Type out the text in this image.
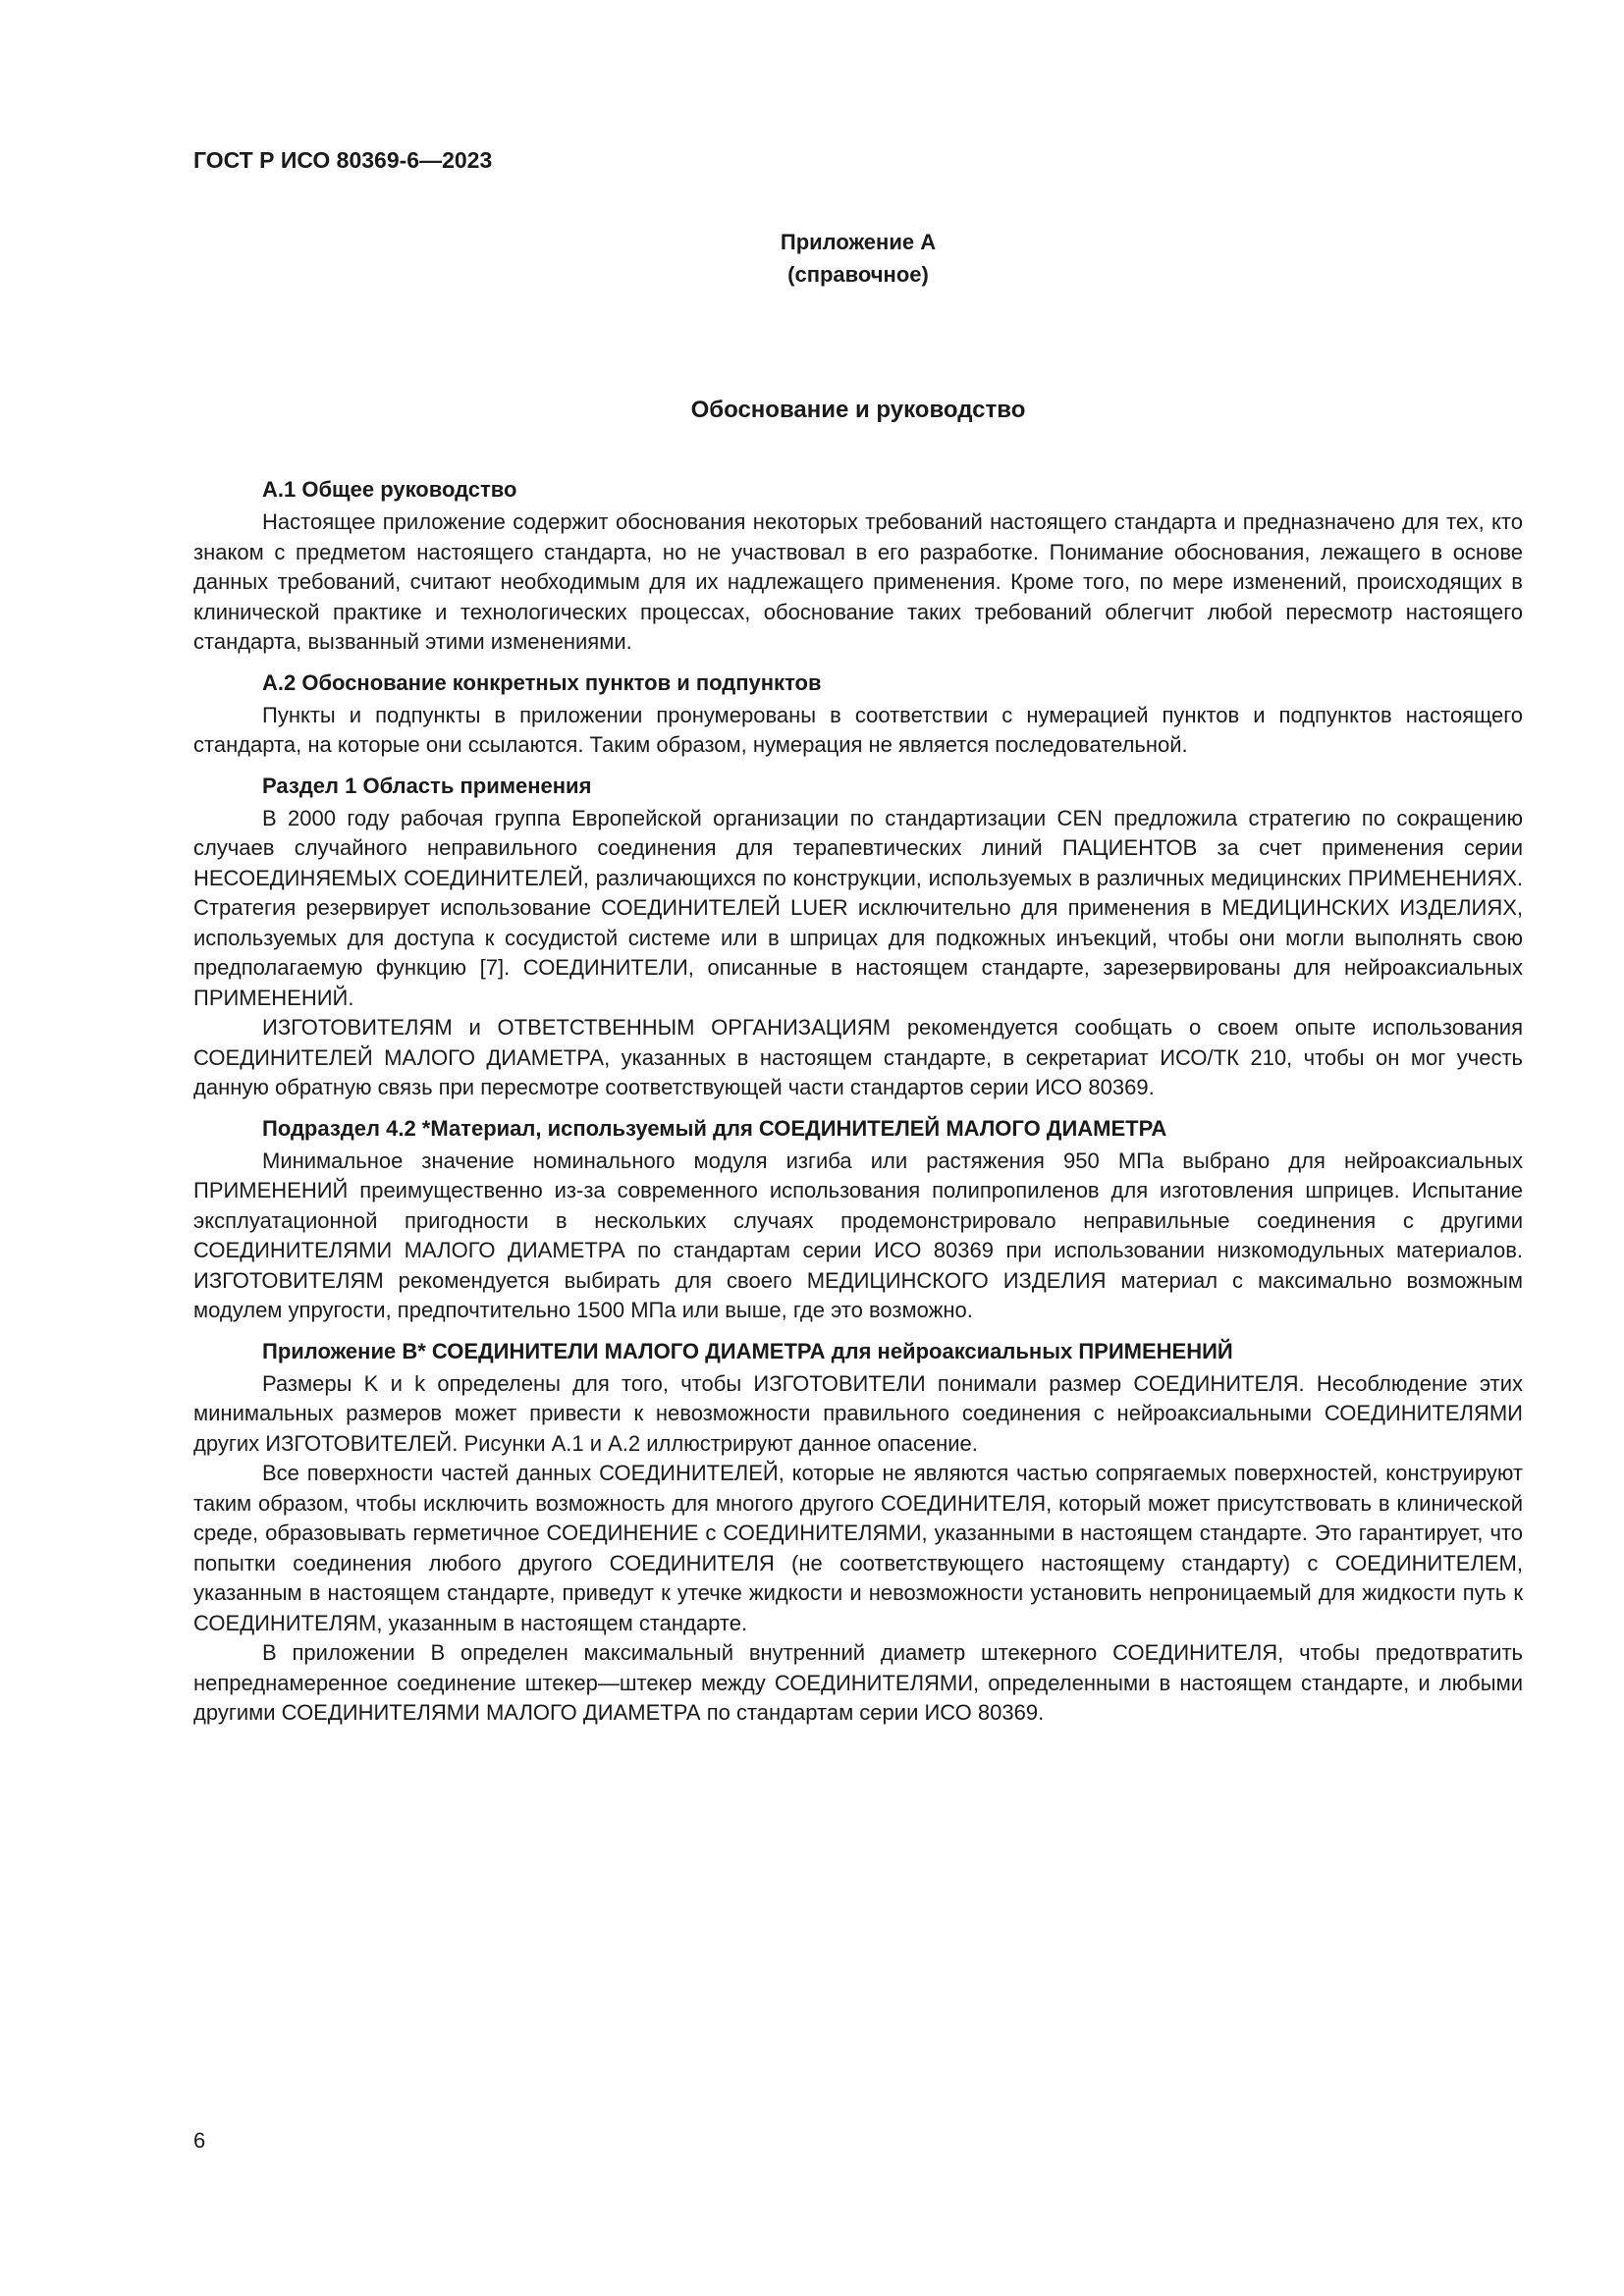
ГОСТ Р ИСО 80369-6—2023
Приложение А
(справочное)
Обоснование и руководство
А.1 Общее руководство

Настоящее приложение содержит обоснования некоторых требований настоящего стандарта и предназначено для тех, кто знаком с предметом настоящего стандарта, но не участвовал в его разработке. Понимание обоснования, лежащего в основе данных требований, считают необходимым для их надлежащего применения. Кроме того, по мере изменений, происходящих в клинической практике и технологических процессах, обоснование таких требований облегчит любой пересмотр настоящего стандарта, вызванный этими изменениями.

А.2 Обоснование конкретных пунктов и подпунктов

Пункты и подпункты в приложении пронумерованы в соответствии с нумерацией пунктов и подпунктов настоящего стандарта, на которые они ссылаются. Таким образом, нумерация не является последовательной.

Раздел 1 Область применения

В 2000 году рабочая группа Европейской организации по стандартизации CEN предложила стратегию по сокращению случаев случайного неправильного соединения для терапевтических линий ПАЦИЕНТОВ за счет применения серии НЕСОЕДИНЯЕМЫХ СОЕДИНИТЕЛЕЙ, различающихся по конструкции, используемых в различных медицинских ПРИМЕНЕНИЯХ. Стратегия резервирует использование СОЕДИНИТЕЛЕЙ LUER исключительно для применения в МЕДИЦИНСКИХ ИЗДЕЛИЯХ, используемых для доступа к сосудистой системе или в шприцах для подкожных инъекций, чтобы они могли выполнять свою предполагаемую функцию [7]. СОЕДИНИТЕЛИ, описанные в настоящем стандарте, зарезервированы для нейроаксиальных ПРИМЕНЕНИЙ.

ИЗГОТОВИТЕЛЯМ и ОТВЕТСТВЕННЫМ ОРГАНИЗАЦИЯМ рекомендуется сообщать о своем опыте использования СОЕДИНИТЕЛЕЙ МАЛОГО ДИАМЕТРА, указанных в настоящем стандарте, в секретариат ИСО/ТК 210, чтобы он мог учесть данную обратную связь при пересмотре соответствующей части стандартов серии ИСО 80369.

Подраздел 4.2 *Материал, используемый для СОЕДИНИТЕЛЕЙ МАЛОГО ДИАМЕТРА

Минимальное значение номинального модуля изгиба или растяжения 950 МПа выбрано для нейроаксиальных ПРИМЕНЕНИЙ преимущественно из-за современного использования полипропиленов для изготовления шприцев. Испытание эксплуатационной пригодности в нескольких случаях продемонстрировало неправильные соединения с другими СОЕДИНИТЕЛЯМИ МАЛОГО ДИАМЕТРА по стандартам серии ИСО 80369 при использовании низкомодульных материалов. ИЗГОТОВИТЕЛЯМ рекомендуется выбирать для своего МЕДИЦИНСКОГО ИЗДЕЛИЯ материал с максимально возможным модулем упругости, предпочтительно 1500 МПа или выше, где это возможно.

Приложение В* СОЕДИНИТЕЛИ МАЛОГО ДИАМЕТРА для нейроаксиальных ПРИМЕНЕНИЙ

Размеры K и k определены для того, чтобы ИЗГОТОВИТЕЛИ понимали размер СОЕДИНИТЕЛЯ. Несоблюдение этих минимальных размеров может привести к невозможности правильного соединения с нейроаксиальными СОЕДИНИТЕЛЯМИ других ИЗГОТОВИТЕЛЕЙ. Рисунки А.1 и А.2 иллюстрируют данное опасение.

Все поверхности частей данных СОЕДИНИТЕЛЕЙ, которые не являются частью сопрягаемых поверхностей, конструируют таким образом, чтобы исключить возможность для многого другого СОЕДИНИТЕЛЯ, который может присутствовать в клинической среде, образовывать герметичное СОЕДИНЕНИЕ с СОЕДИНИТЕЛЯМИ, указанными в настоящем стандарте. Это гарантирует, что попытки соединения любого другого СОЕДИНИТЕЛЯ (не соответствующего настоящему стандарту) с СОЕДИНИТЕЛЕМ, указанным в настоящем стандарте, приведут к утечке жидкости и невозможности установить непроницаемый для жидкости путь к СОЕДИНИТЕЛЯМ, указанным в настоящем стандарте.

В приложении В определен максимальный внутренний диаметр штекерного СОЕДИНИТЕЛЯ, чтобы предотвратить непреднамеренное соединение штекер—штекер между СОЕДИНИТЕЛЯМИ, определенными в настоящем стандарте, и любыми другими СОЕДИНИТЕЛЯМИ МАЛОГО ДИАМЕТРА по стандартам серии ИСО 80369.

6
